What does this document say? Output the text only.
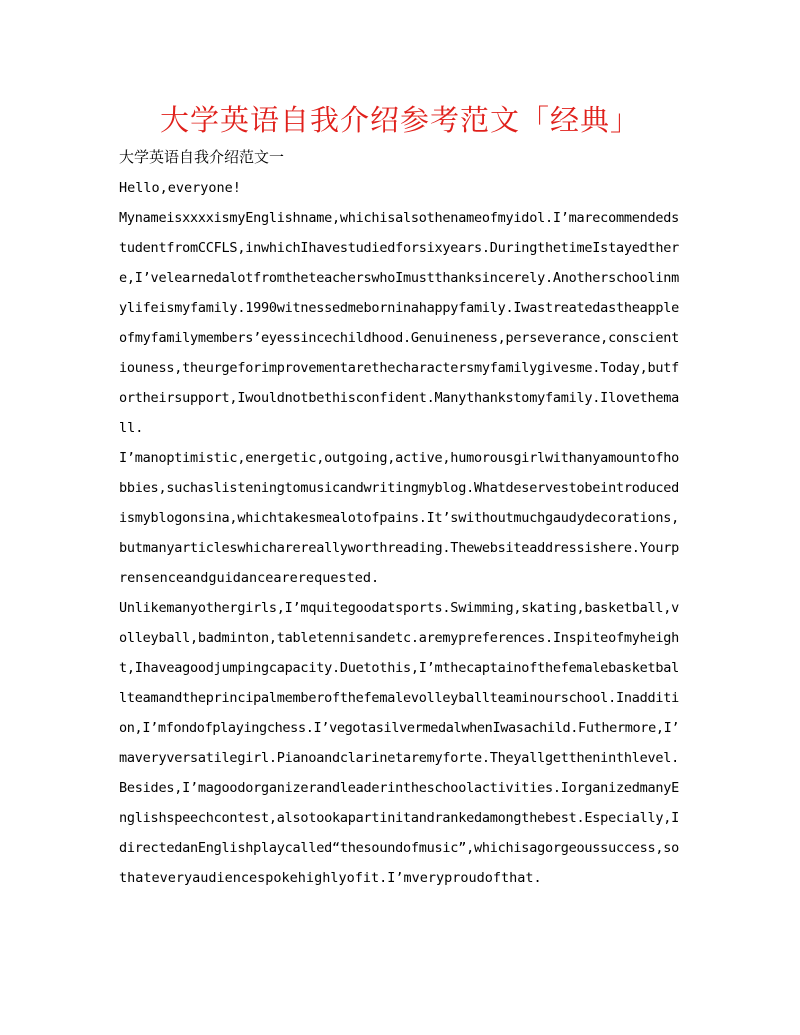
大学英语自我介绍参考范文「经典」
大学英语自我介绍范文一
Hello,everyone!
MynameisxxxxismyEnglishname,whichisalsothenameofmyidol.I’marecommendeds
tudentfromCCFLS,inwhichIhavestudiedforsixyears.DuringthetimeIstayedther
e,I’velearnedalotfromtheteacherswhoImustthanksincerely.Anotherschoolinm
ylifeismyfamily.1990witnessedmeborninahappyfamily.Iwastreatedastheapple
ofmyfamilymembers’eyessincechildhood.Genuineness,perseverance,conscient
iouness,theurgeforimprovementarethecharactersmyfamilygivesme.Today,butf
ortheirsupport,Iwouldnotbethisconfident.Manythankstomyfamily.Ilovethema
ll.
I’manoptimistic,energetic,outgoing,active,humorousgirlwithanyamountofho
bbies,suchaslisteningtomusicandwritingmyblog.Whatdeservestobeintroduced
ismyblogonsina,whichtakesmealotofpains.It’swithoutmuchgaudydecorations,
butmanyarticleswhicharereallyworthreading.Thewebsiteaddressishere.Yourp
rensenceandguidancearerequested.
Unlikemanyothergirls,I’mquitegoodatsports.Swimming,skating,basketball,v
olleyball,badminton,tabletennisandetc.aremypreferences.Inspiteofmyheigh
t,Ihaveagoodjumpingcapacity.Duetothis,I’mthecaptainofthefemalebasketbal
lteamandtheprincipalmemberofthefemalevolleyballteaminourschool.Inadditi
on,I’mfondofplayingchess.I’vegotasilvermedalwhenIwasachild.Futhermore,I’
maveryversatilegirl.Pianoandclarinetaremyforte.Theyallgettheninthlevel.
Besides,I’magoodorganizerandleaderintheschoolactivities.IorganizedmanyE
nglishspeechcontest,alsotookapartinitandrankedamongthebest.Especially,I
directedanEnglishplaycalled“thesoundofmusic”,whichisagorgeoussuccess,so
thateveryaudiencespokehighlyofit.I’mveryproudofthat.
